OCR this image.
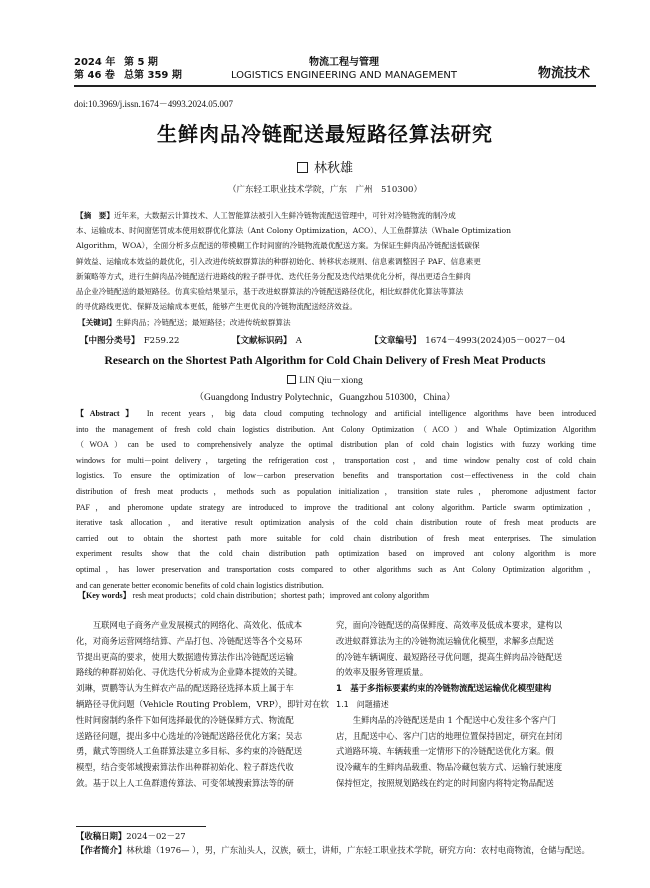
2024 年 第 5 期
第 46 卷 总第 359 期
物流工程与管理
LOGISTICS ENGINEERING AND MANAGEMENT	物流技术
doi:10.3969/j.issn.1674－4993.2024.05.007
生鲜肉品冷链配送最短路径算法研究
林秋雄
（广东轻工职业技术学院，广东　广州　510300）
【摘　要】近年来，大数据云计算技术、人工智能算法被引入生鲜冷链物流配送管理中，可针对冷链物流的制冷成
本、运输成本、时间窗惩罚成本使用蚁群优化算法（Ant Colony Optimization，ACO）、人工鱼群算法（Whale Optimization
Algorithm，WOA），全面分析多点配送的带模糊工作时间窗的冷链物流最优配送方案。为保证生鲜肉品冷链配送低碳保
鲜效益、运输成本效益的最优化，引入改进传统蚁群算法的种群初始化、转移状态规则、信息素调整因子 PAF、信息素更
新策略等方式，进行生鲜肉品冷链配送行进路线的粒子群寻优、迭代任务分配及迭代结果优化分析，得出更适合生鲜肉
品企业冷链配送的最短路径。仿真实验结果显示，基于改进蚁群算法的冷链配送路径优化，相比蚁群优化算法等算法
的寻优路线更优、保鲜及运输成本更低，能够产生更优良的冷链物流配送经济效益。
【关键词】生鲜肉品；冷链配送；最短路径；改进传统蚁群算法
【中图分类号】　 F259.22	【文献标识码】　 A	【文章编号】　 1674－4993(2024)05－0027－04
Research on the Shortest Path Algorithm for Cold Chain Delivery of Fresh Meat Products
LIN Qiu－xiong
（Guangdong Industry Polytechnic，Guangzhou 510300，China）
【Abstract】 In recent years，big data cloud computing technology and artificial intelligence algorithms have been introduced
into the management of fresh cold chain logistics distribution. Ant Colony Optimization（ACO）and Whale Optimization Algorithm
（WOA）can be used to comprehensively analyze the optimal distribution plan of cold chain logistics with fuzzy working time
windows for multi－point delivery，targeting the refrigeration cost，transportation cost，and time window penalty cost of cold chain
logistics. To ensure the optimization of low－carbon preservation benefits and transportation cost－effectiveness in the cold chain
distribution of fresh meat products，methods such as population initialization，transition state rules，pheromone adjustment factor
PAF，and pheromone update strategy are introduced to improve the traditional ant colony algorithm. Particle swarm optimization，
iterative task allocation，and iterative result optimization analysis of the cold chain distribution route of fresh meat products are
carried out to obtain the shortest path more suitable for cold chain distribution of fresh meat enterprises. The simulation
experiment results show that the cold chain distribution path optimization based on improved ant colony algorithm is more
optimal，has lower preservation and transportation costs compared to other algorithms such as Ant Colony Optimization algorithm，
and can generate better economic benefits of cold chain logistics distribution.
【Key words】 resh meat products；cold chain distribution；shortest path；improved ant colony algorithm
　　互联网电子商务产业发展模式的网络化、高效化、低成本
化，对商务运营网络结算、产品打包、冷链配送等各个交易环
节提出更高的要求，使用大数据遗传算法作出冷链配送运输
路线的种群初始化、寻优迭代分析成为企业降本提效的关键。
刘琳，贾鹏等认为生鲜农产品的配送路径选择本质上属于车
辆路径寻优问题（Vehicle Routing Problem，VRP），即针对在软
性时间窗制约条件下如何选择最优的冷链保鲜方式、物流配
送路径问题，提出多中心选址的冷链配送路径优化方案；吴志
勇，戴式等围绕人工鱼群算法建立多目标、多约束的冷链配送
模型，结合变邻域搜索算法作出种群初始化、粒子群迭代收
敛。基于以上人工鱼群遗传算法、可变邻域搜索算法等的研
究，面向冷链配送的高保鲜度、高效率及低成本要求，建构以
改进蚁群算法为主的冷链物流运输优化模型，求解多点配送
的冷链车辆调度、最短路径寻优问题，提高生鲜肉品冷链配送
的效率及服务管理质量。
1　基于多指标要素约束的冷链物流配送运输优化模型建构
1.1　问题描述
　　生鲜肉品的冷链配送是由 1 个配送中心发往多个客户门
店，且配送中心、客户门店的地理位置保持固定，研究在封闭
式道路环境、车辆载重一定情形下的冷链配送优化方案。假
设冷藏车的生鲜肉品载重、物品冷藏包装方式、运输行驶速度
保持恒定，按照规划路线在约定的时间窗内将特定物品配送
【收稿日期】2024－02－27
【作者简介】林秋雄（1976— ），男，广东汕头人，汉族，硕士，讲师，广东轻工职业技术学院，研究方向：农村电商物流，仓储与配送。
